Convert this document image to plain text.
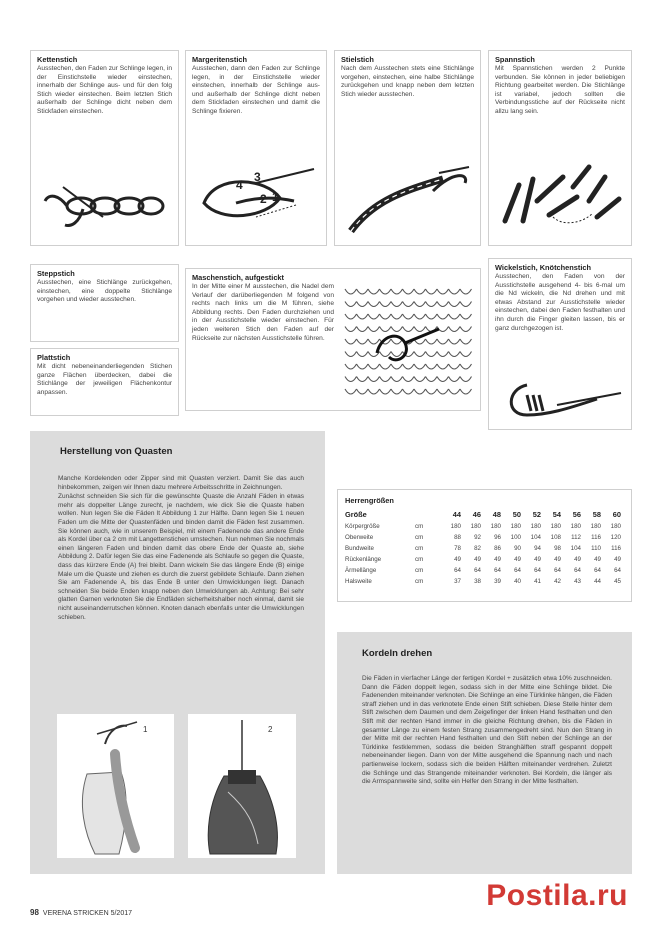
Kettenstich

Ausstechen, den Faden zur Schlinge legen, in der Einstichstelle wieder einstechen, innerhalb der Schlinge aus- und für den folg Stich wieder einstechen. Beim letzten Stich außerhalb der Schlinge dicht neben dem Stickfaden einstechen.

Margeritenstich

Ausstechen, dann den Faden zur Schlinge legen, in der Einstichstelle wieder einstechen, innerhalb der Schlinge aus- und außerhalb der Schlinge dicht neben dem Stickfaden einstechen und damit die Schlinge fixieren.

4
3
2 1
Stielstich

Nach dem Ausstechen stets eine Stichlänge vorgehen, einstechen, eine halbe Stichlänge zurückgehen und knapp neben dem letzten Stich wieder ausstechen.

Spannstich

Mit Spannstichen werden 2 Punkte verbunden. Sie können in jeder beliebigen Richtung gearbeitet werden. Die Stichlänge ist variabel, jedoch sollten die Verbindungsstiche auf der Rückseite nicht allzu lang sein.

Steppstich

Ausstechen, eine Stichlänge zurückgehen, einstechen, eine doppelte Stichlänge vorgehen und wieder ausstechen.

Plattstich

Mit dicht nebeneinanderliegenden Stichen ganze Flächen überdecken, dabei die Stichlänge der jeweiligen Flächenkontur anpassen.

Maschenstich, aufgestickt

In der Mitte einer M ausstechen, die Nadel dem Verlauf der darüberliegenden M folgend von rechts nach links um die M führen, siehe Abbildung rechts. Den Faden durchziehen und in der Ausstichstelle wieder einstechen. Für jeden weiteren Stich den Faden auf der Rückseite zur nächsten Ausstichstelle führen.

Wickelstich, Knötchenstich

Ausstechen, den Faden von der Ausstichstelle ausgehend 4- bis 6-mal um die Nd wickeln, die Nd drehen und mit etwas Abstand zur Ausstichstelle wieder einstechen, dabei den Faden festhalten und ihn durch die Finger gleiten lassen, bis er ganz durchgezogen ist.

Herstellung von Quasten

Manche Kordelenden oder Zipper sind mit Quasten verziert. Damit Sie das auch hinbekommen, zeigen wir Ihnen dazu mehrere Arbeitsschritte in Zeichnungen.

Zunächst schneiden Sie sich für die gewünschte Quaste die Anzahl Fäden in etwas mehr als doppelter Länge zurecht, je nachdem, wie dick Sie die Quaste haben wollen. Nun legen Sie die Fäden lt Abbildung 1 zur Hälfte. Dann legen Sie 1 neuen Faden um die Mitte der Quastenfäden und binden damit die Fäden fest zusammen. Sie können auch, wie in unserem Beispiel, mit einem Fadenende das andere Ende als Kordel über ca 2 cm mit Langettenstichen umstechen. Nun nehmen Sie nochmals einen längeren Faden und binden damit das obere Ende der Quaste ab, siehe Abbildung 2. Dafür legen Sie das eine Fadenende als Schlaufe so gegen die Quaste, dass das kürzere Ende (A) frei bleibt. Dann wickeln Sie das längere Ende (B) einige Male um die Quaste und ziehen es durch die zuerst gebildete Schlaufe. Dann ziehen Sie am Fadenende A, bis das Ende B unter den Umwicklungen liegt. Danach schneiden Sie beide Enden knapp neben den Umwicklungen ab. Achtung: Bei sehr glatten Garnen verknoten Sie die Endfäden sicherheitshalber noch einmal, damit sie nicht auseinanderrutschen können. Knoten danach ebenfalls unter die Umwicklungen schieben.

1	2
Herrengrößen
Größe		44	46	48	50	52	54	56	58	60
Körpergröße	cm	180	180	180	180	180	180	180	180	180
Oberweite	cm	88	92	96	100	104	108	112	116	120
Bundweite	cm	78	82	86	90	94	98	104	110	116
Rückenlänge	cm	49	49	49	49	49	49	49	49	49
Ärmellänge	cm	64	64	64	64	64	64	64	64	64
Halsweite	cm	37	38	39	40	41	42	43	44	45
Kordeln drehen

Die Fäden in vierfacher Länge der fertigen Kordel + zusätzlich etwa 10% zuschneiden. Dann die Fäden doppelt legen, sodass sich in der Mitte eine Schlinge bildet. Die Fadenenden miteinander verknoten. Die Schlinge an eine Türklinke hängen, die Fäden straff ziehen und in das verknotete Ende einen Stift schieben. Diese Stelle hinter dem Stift zwischen dem Daumen und dem Zeigefinger der linken Hand festhalten und den Stift mit der rechten Hand immer in die gleiche Richtung drehen, bis die Fäden in gesamter Länge zu einem festen Strang zusammengedreht sind. Nun den Strang in der Mitte mit der rechten Hand festhalten und den Stift neben der Schlinge an der Türklinke festklemmen, sodass die beiden Stranghälften straff gespannt doppelt nebeneinander liegen. Dann von der Mitte ausgehend die Spannung nach und nach partienweise lockern, sodass sich die beiden Hälften miteinander verdrehen. Zuletzt die Schlinge und das Strangende miteinander verknoten. Bei Kordeln, die länger als die Armspannweite sind, sollte ein Helfer den Strang in der Mitte festhalten.

98 VERENA STRICKEN 5/2017
Postila.ru
